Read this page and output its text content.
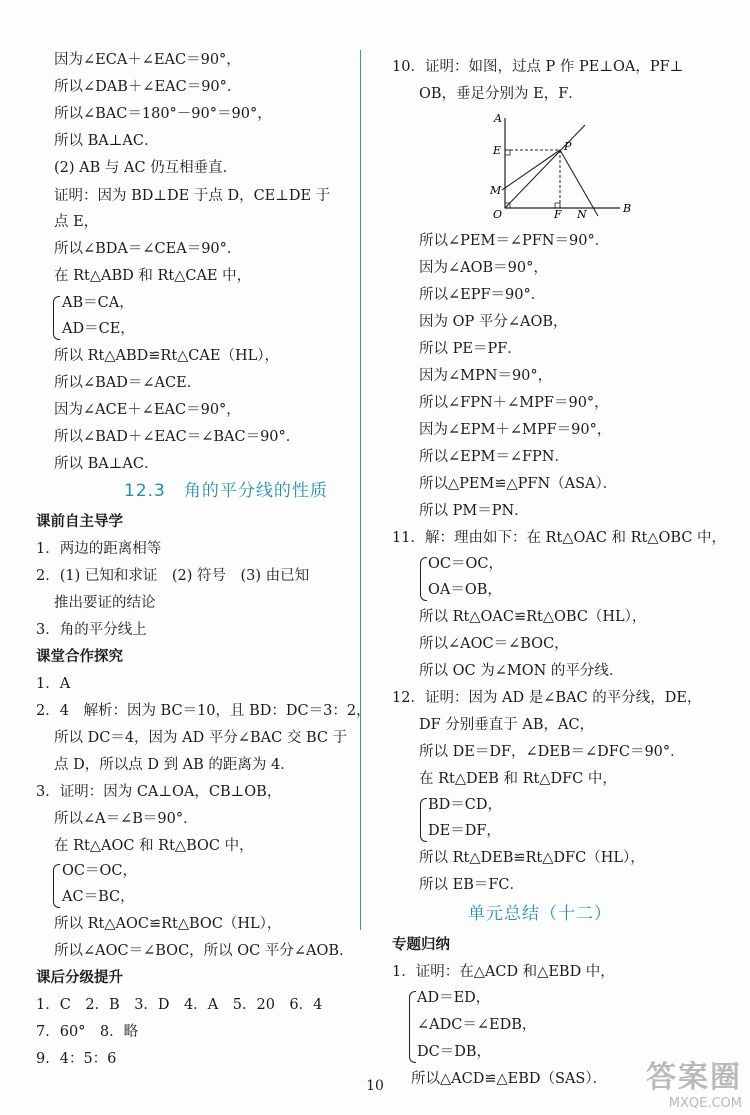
因为∠ECA＋∠EAC＝90°，
所以∠DAB＋∠EAC＝90°．
所以∠BAC＝180°－90°＝90°，
所以 BA⊥AC．
(2) AB 与 AC 仍互相垂直．
证明：因为 BD⊥DE 于点 D，CE⊥DE 于
点 E，
所以∠BDA＝∠CEA＝90°．
在 Rt△ABD 和 Rt△CAE 中，
AB＝CA，
AD＝CE，
所以 Rt△ABD≌Rt△CAE（HL），
所以∠BAD＝∠ACE．
因为∠ACE＋∠EAC＝90°，
所以∠BAD＋∠EAC＝∠BAC＝90°．
所以 BA⊥AC．
12.3　角的平分线的性质
课前自主导学
1．两边的距离相等
2．(1) 已知和求证　(2) 符号　(3) 由已知
推出要证的结论
3．角的平分线上
课堂合作探究
1．A
2．4　解析：因为 BC＝10，且 BD：DC＝3：2，
所以 DC＝4，因为 AD 平分∠BAC 交 BC 于
点 D，所以点 D 到 AB 的距离为 4．
3．证明：因为 CA⊥OA，CB⊥OB，
所以∠A＝∠B＝90°．
在 Rt△AOC 和 Rt△BOC 中，
OC＝OC，
AC＝BC，
所以 Rt△AOC≌Rt△BOC（HL），
所以∠AOC＝∠BOC，所以 OC 平分∠AOB．
课后分级提升
1．C　2．B　3．D　4．A　5．20　6．4
7．60°　8．略
9．4：5：6
10．证明：如图，过点 P 作 PE⊥OA，PF⊥
OB，垂足分别为 E，F．
A
E	P
M
O	F N	B
所以∠PEM＝∠PFN＝90°．
因为∠AOB＝90°，
所以∠EPF＝90°．
因为 OP 平分∠AOB，
所以 PE＝PF．
因为∠MPN＝90°，
所以∠FPN＋∠MPF＝90°，
因为∠EPM＋∠MPF＝90°，
所以∠EPM＝∠FPN．
所以△PEM≌△PFN（ASA）．
所以 PM＝PN．
11．解：理由如下：在 Rt△OAC 和 Rt△OBC 中，
OC＝OC，
OA＝OB，
所以 Rt△OAC≌Rt△OBC（HL），
所以∠AOC＝∠BOC，
所以 OC 为∠MON 的平分线．
12．证明：因为 AD 是∠BAC 的平分线，DE，
DF 分别垂直于 AB，AC，
所以 DE＝DF，∠DEB＝∠DFC＝90°．
在 Rt△DEB 和 Rt△DFC 中，
BD＝CD，
DE＝DF，
所以 Rt△DEB≌Rt△DFC（HL），
所以 EB＝FC．
单元总结（十二）
专题归纳
1．证明：在△ACD 和△EBD 中，
AD＝ED，
∠ADC＝∠EDB，
DC＝DB，
所以△ACD≌△EBD（SAS）．
10	答案圈
MXQE.COM
